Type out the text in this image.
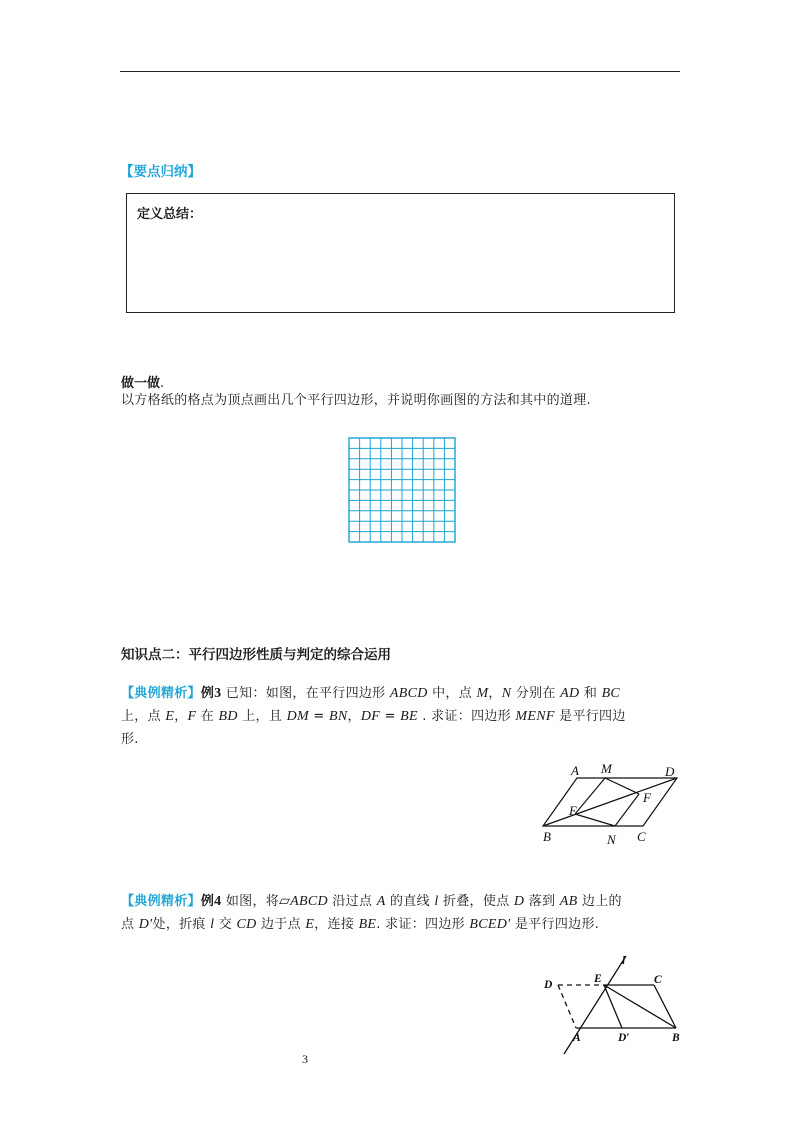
【要点归纳】
定义总结：
做一做.
以方格纸的格点为顶点画出几个平行四边形，并说明你画图的方法和其中的道理.
知识点二：平行四边形性质与判定的综合运用
【典例精析】例3 已知：如图，在平行四边形 ABCD 中，点 M，N 分别在 AD 和 BC
上，点 E，F 在 BD 上，且 DM = BN，DF = BE . 求证：四边形 MENF 是平行四边
形.
A M	D
F
E
B	N C
【典例精析】例4 如图，将▱ABCD 沿过点 A 的直线 l 折叠，使点 D 落到 AB 边上的
点 D′处，折痕 l 交 CD 边于点 E，连接 BE. 求证：四边形 BCED′ 是平行四边形.
l
D	E	C
A	D′	B
3
